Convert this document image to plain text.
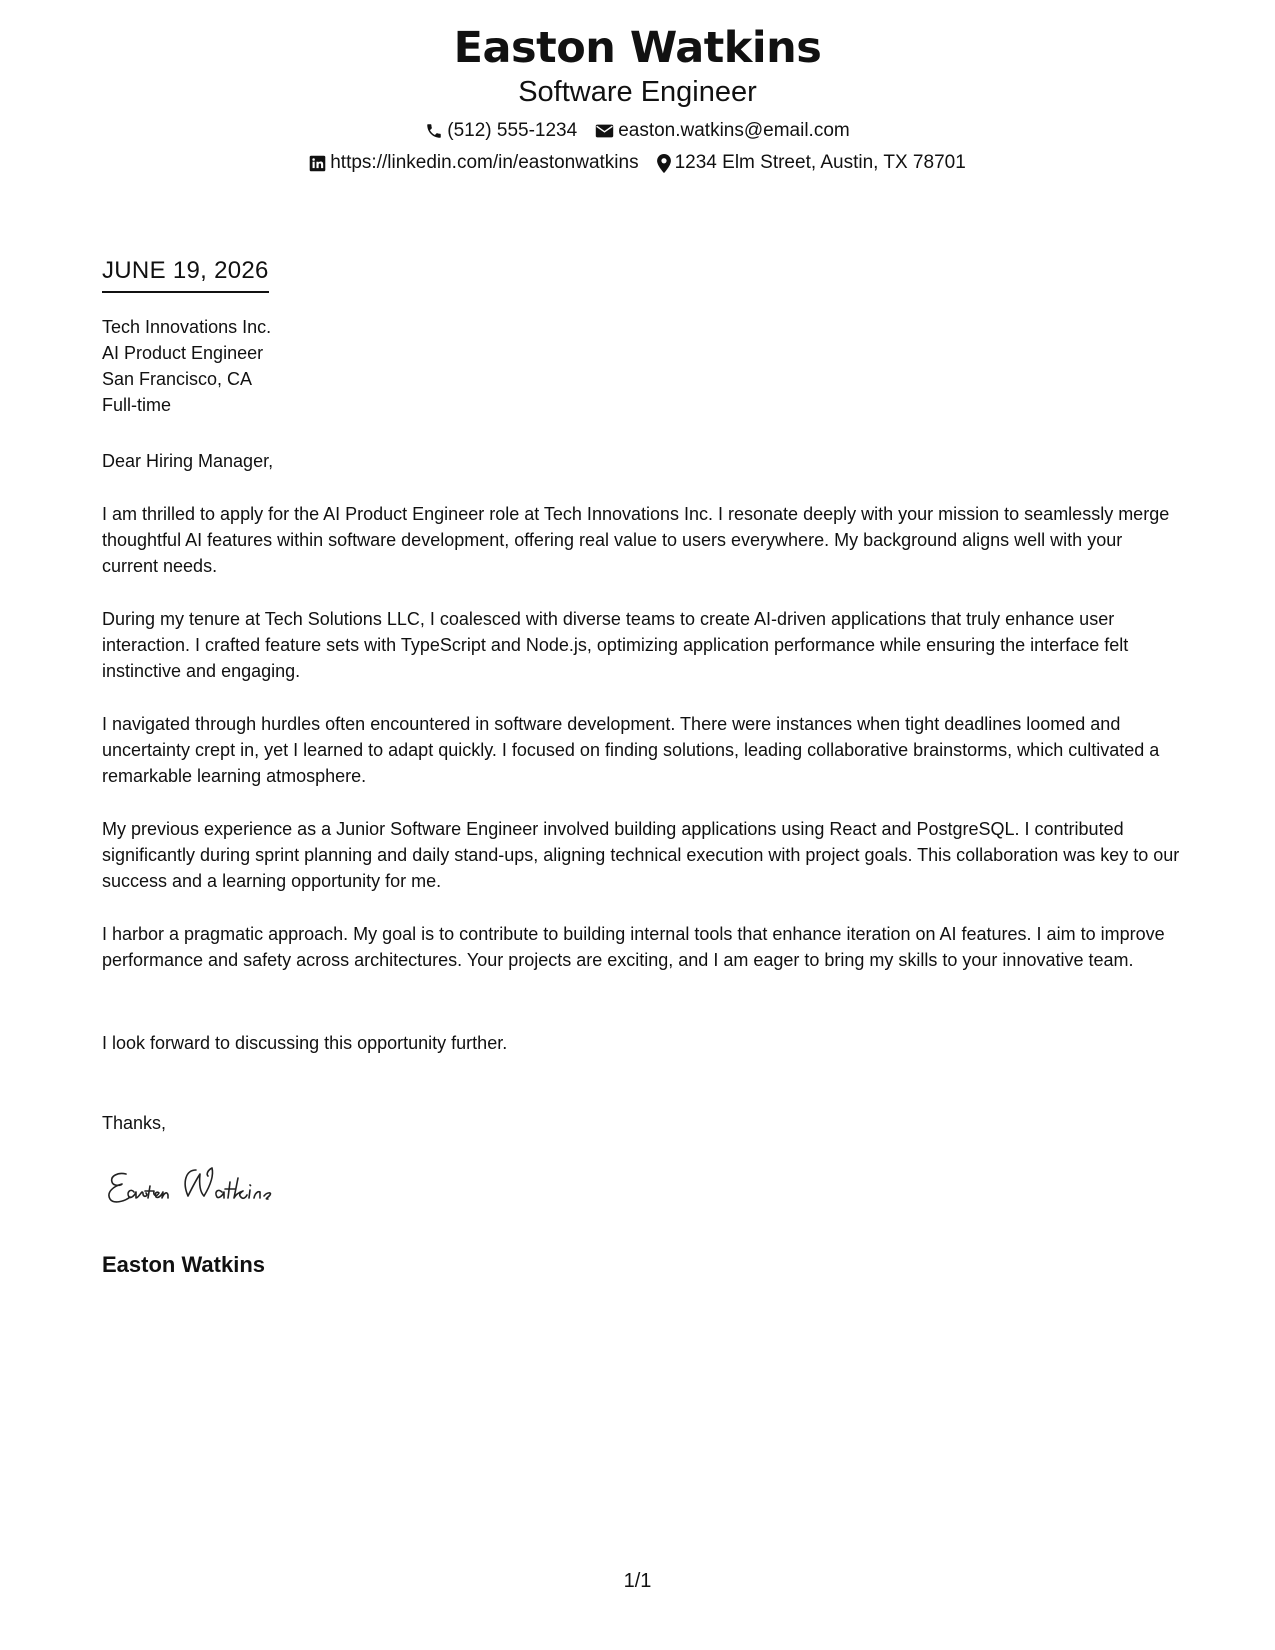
Easton Watkins
Software Engineer
(512) 555-1234 easton.watkins@email.com
https://linkedin.com/in/eastonwatkins 1234 Elm Street, Austin, TX 78701
JUNE 19, 2026
Tech Innovations Inc.
AI Product Engineer
San Francisco, CA
Full-time
Dear Hiring Manager,

I am thrilled to apply for the AI Product Engineer role at Tech Innovations Inc. I resonate deeply with your mission to seamlessly merge thoughtful AI features within software development, offering real value to users everywhere. My background aligns well with your current needs.

During my tenure at Tech Solutions LLC, I coalesced with diverse teams to create AI-driven applications that truly enhance user interaction. I crafted feature sets with TypeScript and Node.js, optimizing application performance while ensuring the interface felt instinctive and engaging.

I navigated through hurdles often encountered in software development. There were instances when tight deadlines loomed and uncertainty crept in, yet I learned to adapt quickly. I focused on finding solutions, leading collaborative brainstorms, which cultivated a remarkable learning atmosphere.

My previous experience as a Junior Software Engineer involved building applications using React and PostgreSQL. I contributed significantly during sprint planning and daily stand-ups, aligning technical execution with project goals. This collaboration was key to our success and a learning opportunity for me.

I harbor a pragmatic approach. My goal is to contribute to building internal tools that enhance iteration on AI features. I aim to improve performance and safety across architectures. Your projects are exciting, and I am eager to bring my skills to your innovative team.

I look forward to discussing this opportunity further.
Thanks,
Easton Watkins
1/1
